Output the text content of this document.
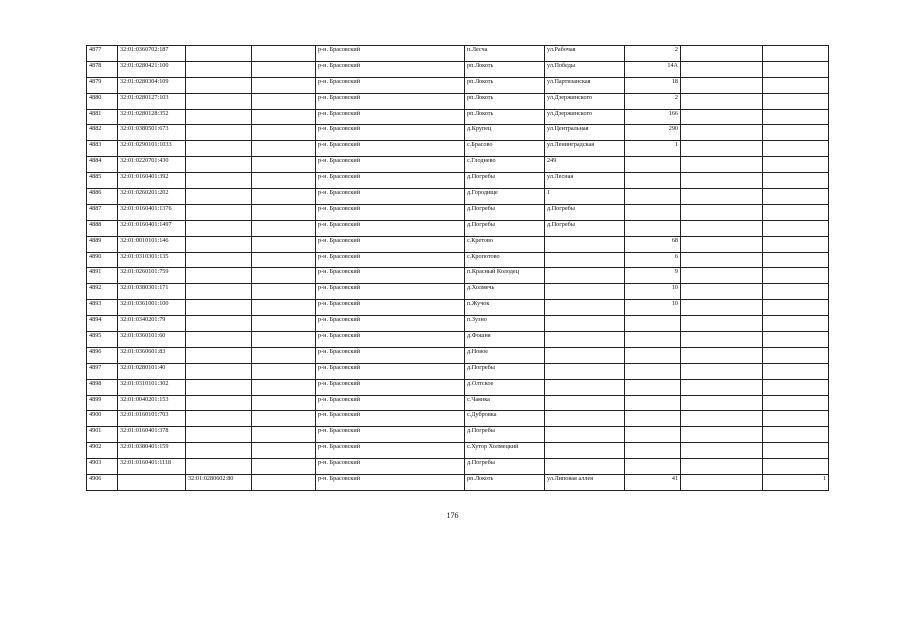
4877	32:01:0360702:187			р-н. Брасовский	п.Лесча	ул.Рабочая	2		
4878	32:01:0280421:100			р-н. Брасовский	рп.Локоть	ул.Победы	14А		
4879	32:01:0280304:109			р-н. Брасовский	рп.Локоть	ул.Партизанская	18		
4880	32:01:0280127:103			р-н. Брасовский	рп.Локоть	ул.Дзержинского	2		
4881	32:01:0280128:352			р-н. Брасовский	рп.Локоть	ул.Дзержинского	166		
4882	32:01:0380501:673			р-н. Брасовский	д.Крупец	ул.Центральная	290		
4883	32:01:0290101:1033			р-н. Брасовский	с.Брасово	ул.Ленинградская	1		
4884	32:01:0220701:430			р-н. Брасовский	с.Глоднево	249			
4885	32:01:0160401:392			р-н. Брасовский	д.Погребы	ул.Лесная			
4886	32:01:0260201:202			р-н. Брасовский	д.Городище	1			
4887	32:01:0160401:1376			р-н. Брасовский	д.Погребы	д.Погребы			
4888	32:01:0160401:1497			р-н. Брасовский	д.Погребы	д.Погребы			
4889	32:01:0010101:146			р-н. Брасовский	с.Кретово		68		
4890	32:01:0310301:135			р-н. Брасовский	с.Кропотово		6		
4891	32:01:0260101:759			р-н. Брасовский	п.Красный Колодец		9		
4892	32:01:0380301:171			р-н. Брасовский	д.Холмечь		10		
4893	32:01:0361001:100			р-н. Брасовский	п.Жучок		10		
4894	32:01:0340201:79			р-н. Брасовский	п.Зузно				
4895	32:01:0360101:60			р-н. Брасовский	д.Фошня				
4896	32:01:0360601:83			р-н. Брасовский	д.Новое				
4897	32:01:0280101:40			р-н. Брасовский	д.Погребы				
4898	32:01:0310101:302			р-н. Брасовский	д.Олтское				
4899	32:01:0040201:153			р-н. Брасовский	с.Чаянка				
4900	32:01:0160101:703			р-н. Брасовский	с.Дубровка				
4901	32:01:0160401:378			р-н. Брасовский	д.Погребы				
4902	32:01:0380401:159			р-н. Брасовский	с.Хутор Холмецкий				
4903	32:01:0160401:1118			р-н. Брасовский	д.Погребы				
4906		32:01:0280602:80		р-н. Брасовский	рп.Локоть	ул.Липовая аллея	41		1
176
